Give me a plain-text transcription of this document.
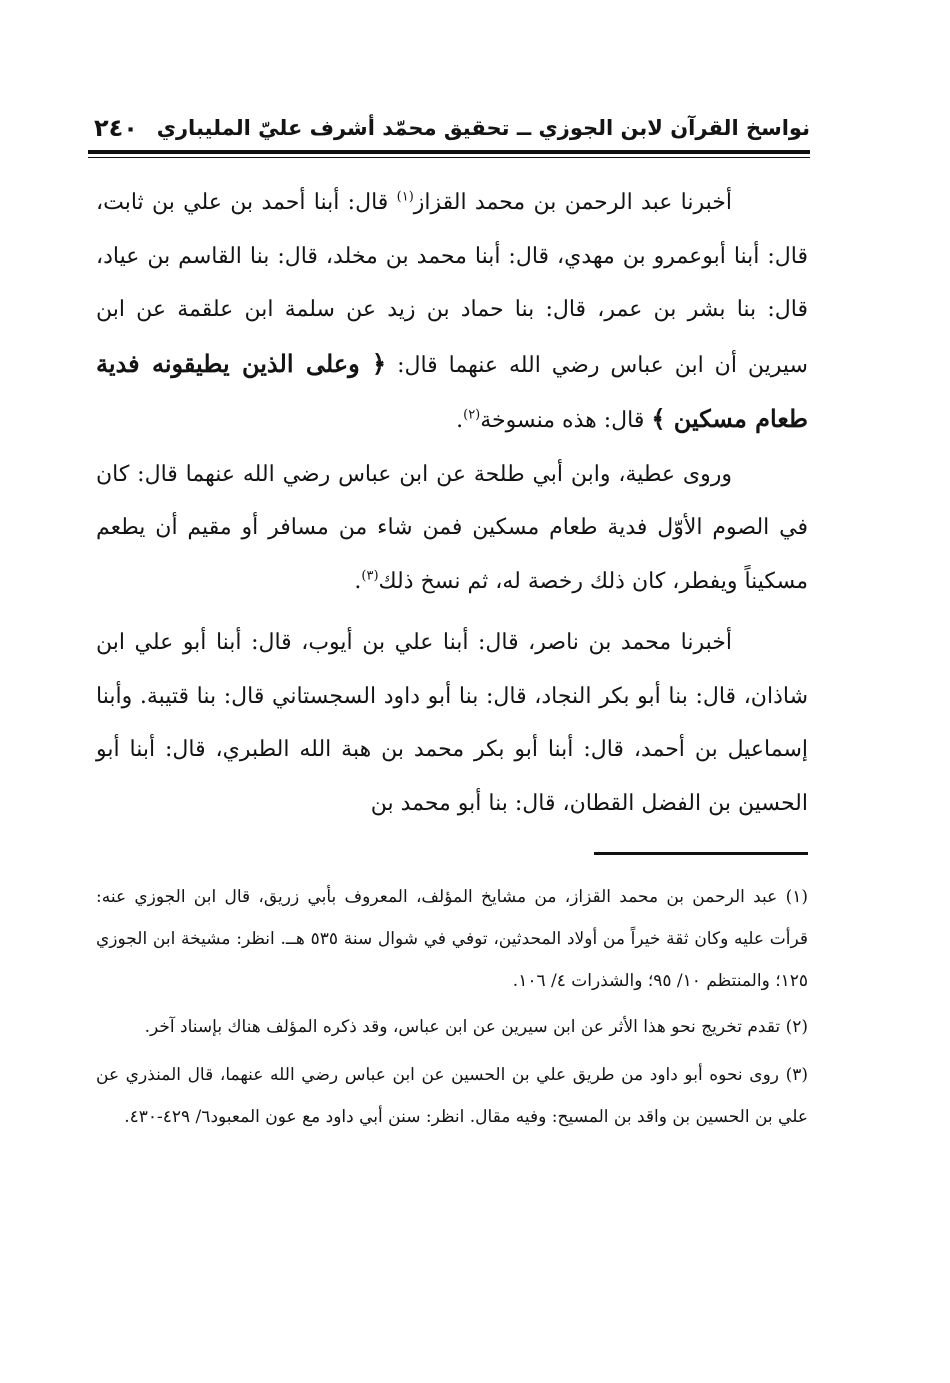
نواسخ القرآن لابن الجوزي ــ تحقيق محمّد أشرف عليّ المليباري
٢٤٠

أخبرنا عبد الرحمن بن محمد القزاز$^{(١)}$ قال: أبنا أحمد بن علي بن ثابت، قال: أبنا أبوعمرو بن مهدي، قال: أبنا محمد بن مخلد، قال: بنا القاسم بن عياد، قال: بنا بشر بن عمر، قال: بنا حماد بن زيد عن سلمة ابن علقمة عن ابن سيرين أن ابن عباس رضي الله عنهما قال: ﴿ وعلى الذين يطيقونه فدية طعام مسكين ﴾ قال: هذه منسوخة$^{(٢)}$.

وروى عطية، وابن أبي طلحة عن ابن عباس رضي الله عنهما قال: كان في الصوم الأوّل فدية طعام مسكين فمن شاء من مسافر أو مقيم أن يطعم مسكيناً ويفطر، كان ذلك رخصة له، ثم نسخ ذلك$^{(٣)}$.

أخبرنا محمد بن ناصر، قال: أبنا علي بن أيوب، قال: أبنا أبو علي ابن شاذان، قال: بنا أبو بكر النجاد، قال: بنا أبو داود السجستاني قال: بنا قتيبة. وأبنا إسماعيل بن أحمد، قال: أبنا أبو بكر محمد بن هبة الله الطبري، قال: أبنا أبو الحسين بن الفضل القطان، قال: بنا أبو محمد بن

(١) عبد الرحمن بن محمد القزاز، من مشايخ المؤلف، المعروف بأبي زريق، قال ابن الجوزي عنه: قرأت عليه وكان ثقة خيراً من أولاد المحدثين، توفي في شوال سنة ٥٣٥ هــ. انظر: مشيخة ابن الجوزي ١٢٥؛ والمنتظم ١٠/ ٩٥؛ والشذرات ٤/ ١٠٦.

(٢) تقدم تخريج نحو هذا الأثر عن ابن سيرين عن ابن عباس، وقد ذكره المؤلف هناك بإسناد آخر.

(٣) روى نحوه أبو داود من طريق علي بن الحسين عن ابن عباس رضي الله عنهما، قال المنذري عن علي بن الحسين بن واقد بن المسيح: وفيه مقال. انظر: سنن أبي داود مع عون المعبود٦/ ٤٢٩-٤٣٠.
